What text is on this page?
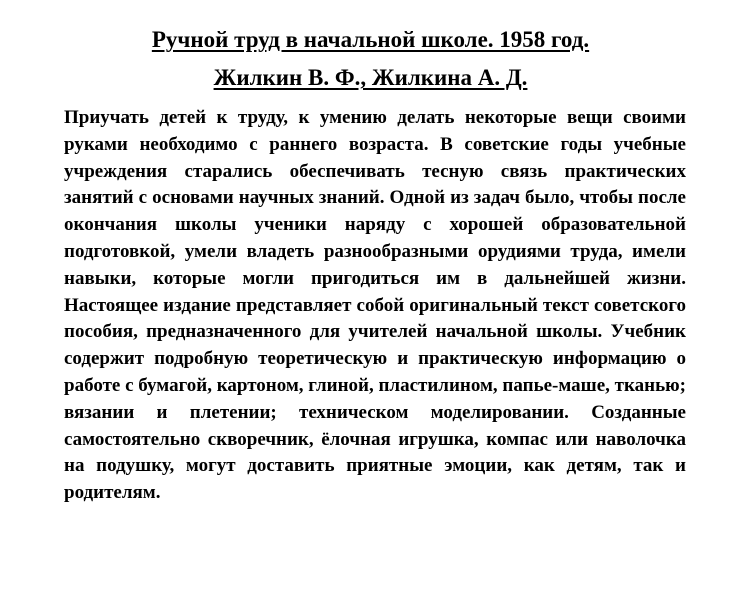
Ручной труд в начальной школе. 1958 год.
Жилкин В. Ф., Жилкина А. Д.

Приучать детей к труду, к умению делать некоторые вещи своими руками необходимо с раннего возраста. В советские годы учебные учреждения старались обеспечивать тесную связь практических занятий с основами научных знаний. Одной из задач было, чтобы после окончания школы ученики наряду с хорошей образовательной подготовкой, умели владеть разнообразными орудиями труда, имели навыки, которые могли пригодиться им в дальнейшей жизни. Настоящее издание представляет собой оригинальный текст советского пособия, предназначенного для учителей начальной школы. Учебник содержит подробную теоретическую и практическую информацию о работе с бумагой, картоном, глиной, пластилином, папье-маше, тканью; вязании и плетении; техническом моделировании. Созданные самостоятельно скворечник, ёлочная игрушка, компас или наволочка на подушку, могут доставить приятные эмоции, как детям, так и родителям.
